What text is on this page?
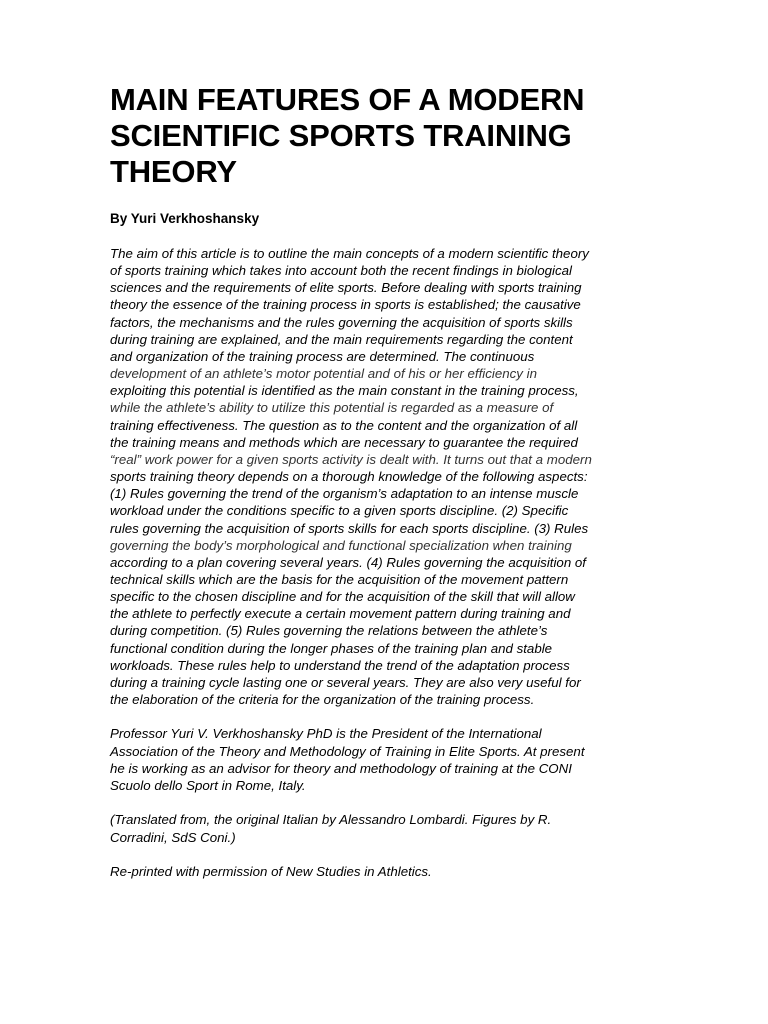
MAIN FEATURES OF A MODERN
SCIENTIFIC SPORTS TRAINING
THEORY

By Yuri Verkhoshansky

The aim of this article is to outline the main concepts of a modern scientific theory
of sports training which takes into account both the recent findings in biological
sciences and the requirements of elite sports. Before dealing with sports training
theory the essence of the training process in sports is established; the causative
factors, the mechanisms and the rules governing the acquisition of sports skills
during training are explained, and the main requirements regarding the content
and organization of the training process are determined. The continuous
development of an athlete’s motor potential and of his or her efficiency in
exploiting this potential is identified as the main constant in the training process,
while the athlete’s ability to utilize this potential is regarded as a measure of
training effectiveness. The question as to the content and the organization of all
the training means and methods which are necessary to guarantee the required
“real” work power for a given sports activity is dealt with. It turns out that a modern
sports training theory depends on a thorough knowledge of the following aspects:
(1) Rules governing the trend of the organism’s adaptation to an intense muscle
workload under the conditions specific to a given sports discipline. (2) Specific
rules governing the acquisition of sports skills for each sports discipline. (3) Rules
governing the body’s morphological and functional specialization when training
according to a plan covering several years. (4) Rules governing the acquisition of
technical skills which are the basis for the acquisition of the movement pattern
specific to the chosen discipline and for the acquisition of the skill that will allow
the athlete to perfectly execute a certain movement pattern during training and
during competition. (5) Rules governing the relations between the athlete’s
functional condition during the longer phases of the training plan and stable
workloads. These rules help to understand the trend of the adaptation process
during a training cycle lasting one or several years. They are also very useful for
the elaboration of the criteria for the organization of the training process.
Professor Yuri V. Verkhoshansky PhD is the President of the International
Association of the Theory and Methodology of Training in Elite Sports. At present
he is working as an advisor for theory and methodology of training at the CONI
Scuolo dello Sport in Rome, Italy.
(Translated from, the original Italian by Alessandro Lombardi. Figures by R.
Corradini, SdS Coni.)
Re-printed with permission of New Studies in Athletics.
